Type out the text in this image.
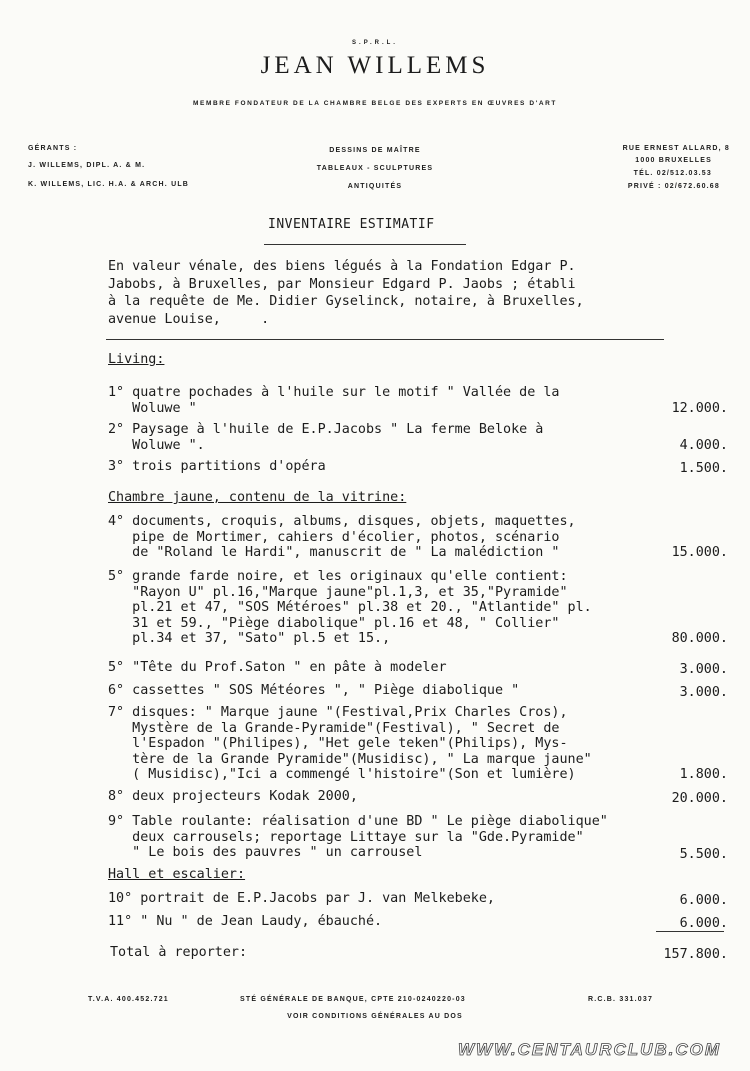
S.P.R.L.
JEAN WILLEMS
MEMBRE FONDATEUR DE LA CHAMBRE BELGE DES EXPERTS EN ŒUVRES D'ART
GÉRANTS :
J. WILLEMS, DIPL. A. & M.
K. WILLEMS, LIC. H.A. & ARCH. ULB
DESSINS DE MAÎTRE
TABLEAUX - SCULPTURES
ANTIQUITÉS
RUE ERNEST ALLARD, 8
1000 BRUXELLES
TÉL. 02/512.03.53
PRIVÉ : 02/672.60.68
INVENTAIRE ESTIMATIF
En valeur vénale, des biens légués à la Fondation Edgar P.
Jabobs, à Bruxelles, par Monsieur Edgard P. Jaobs ; établi
à la requête de Me. Didier Gyselinck, notaire, à Bruxelles,
avenue Louise,     .
Living:
1° quatre pochades à l'huile sur le motif " Vallée de la
Woluwe "	12.000.
2° Paysage à l'huile de E.P.Jacobs " La ferme Beloke à
Woluwe ".	4.000.
3° trois partitions d'opéra	1.500.
Chambre jaune, contenu de la vitrine:
4° documents, croquis, albums, disques, objets, maquettes,
pipe de Mortimer, cahiers d'écolier, photos, scénario
de "Roland le Hardi", manuscrit de " La malédiction "	15.000.
5° grande farde noire, et les originaux qu'elle contient:
"Rayon U" pl.16,"Marque jaune"pl.1,3, et 35,"Pyramide"
pl.21 et 47, "SOS Météroes" pl.38 et 20., "Atlantide" pl.
31 et 59., "Piège diabolique" pl.16 et 48, " Collier"
pl.34 et 37, "Sato" pl.5 et 15.,	80.000.
5° "Tête du Prof.Saton " en pâte à modeler	3.000.
6° cassettes " SOS Météores ", " Piège diabolique "	3.000.
7° disques: " Marque jaune "(Festival,Prix Charles Cros),
Mystère de la Grande-Pyramide"(Festival), " Secret de
l'Espadon "(Philipes), "Het gele teken"(Philips), Mys-
tère de la Grande Pyramide"(Musidisc), " La marque jaune"
( Musidisc),"Ici a commengé l'histoire"(Son et lumière)	1.800.
8° deux projecteurs Kodak 2000,	20.000.
9° Table roulante: réalisation d'une BD " Le piège diabolique"
deux carrousels; reportage Littaye sur la "Gde.Pyramide"
" Le bois des pauvres " un carrousel	5.500.
Hall et escalier:
10° portrait de E.P.Jacobs par J. van Melkebeke,	6.000.
11° " Nu " de Jean Laudy, ébauché.	6.000.
Total à reporter:	157.800.
T.V.A. 400.452.721	STÉ GÉNÉRALE DE BANQUE, CPTE 210-0240220-03	R.C.B. 331.037
VOIR CONDITIONS GÉNÉRALES AU DOS
WWW.CENTAURCLUB.COM
